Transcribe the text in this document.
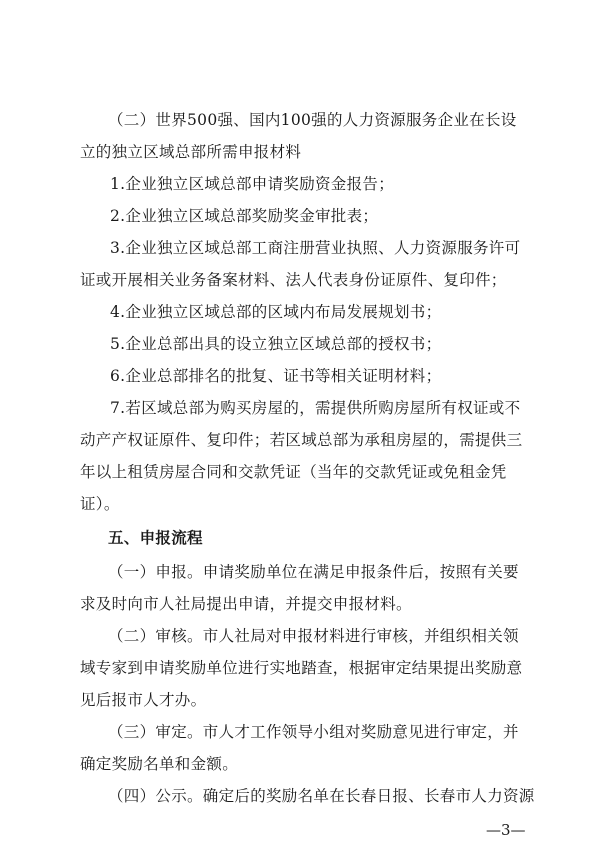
（二）世界500强、国内100强的人力资源服务企业在长设
立的独立区域总部所需申报材料
1.企业独立区域总部申请奖励资金报告；
2.企业独立区域总部奖励奖金审批表；
3.企业独立区域总部工商注册营业执照、人力资源服务许可
证或开展相关业务备案材料、法人代表身份证原件、复印件；
4.企业独立区域总部的区域内布局发展规划书；
5.企业总部出具的设立独立区域总部的授权书；
6.企业总部排名的批复、证书等相关证明材料；
7.若区域总部为购买房屋的，需提供所购房屋所有权证或不
动产产权证原件、复印件；若区域总部为承租房屋的，需提供三
年以上租赁房屋合同和交款凭证（当年的交款凭证或免租金凭
证）。
五、申报流程
（一）申报。申请奖励单位在满足申报条件后，按照有关要
求及时向市人社局提出申请，并提交申报材料。
（二）审核。市人社局对申报材料进行审核，并组织相关领
域专家到申请奖励单位进行实地踏查，根据审定结果提出奖励意
见后报市人才办。
（三）审定。市人才工作领导小组对奖励意见进行审定，并
确定奖励名单和金额。
（四）公示。确定后的奖励名单在长春日报、长春市人力资源
—3—
